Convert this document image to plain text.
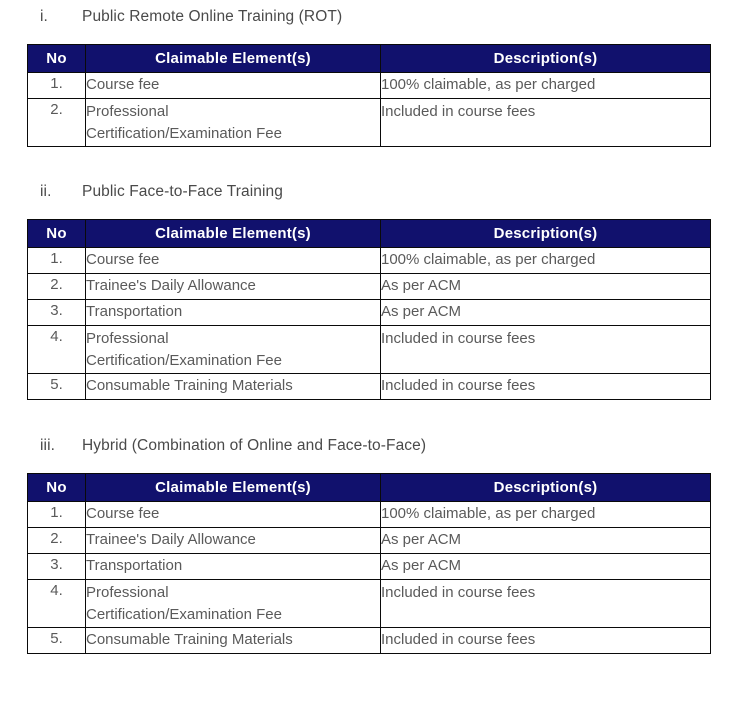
i.	Public Remote Online Training (ROT)
No	Claimable Element(s)	Description(s)
1.	Course fee	100% claimable, as per charged
2.	Professional
Certification/Examination Fee	Included in course fees
ii.	Public Face-to-Face Training
No	Claimable Element(s)	Description(s)
1.	Course fee	100% claimable, as per charged
2.	Trainee's Daily Allowance	As per ACM
3.	Transportation	As per ACM
4.	Professional
Certification/Examination Fee	Included in course fees
5.	Consumable Training Materials	Included in course fees
iii.	Hybrid (Combination of Online and Face-to-Face)
No	Claimable Element(s)	Description(s)
1.	Course fee	100% claimable, as per charged
2.	Trainee's Daily Allowance	As per ACM
3.	Transportation	As per ACM
4.	Professional
Certification/Examination Fee	Included in course fees
5.	Consumable Training Materials	Included in course fees
